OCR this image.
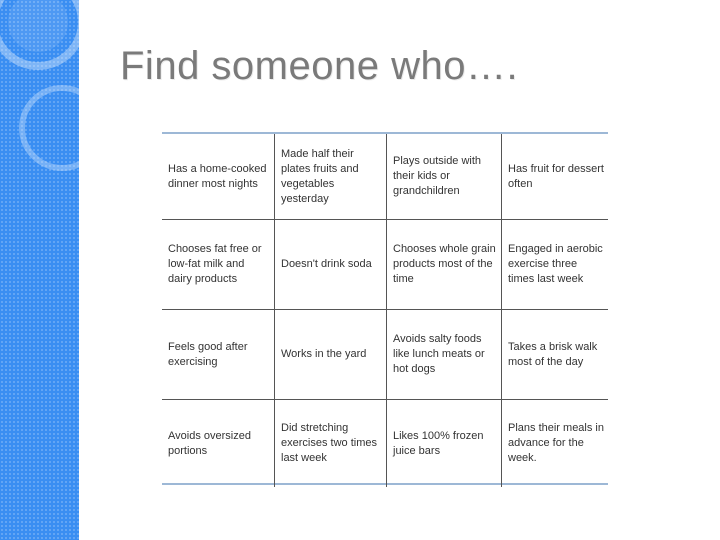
Find someone who….
Has a home-cooked dinner most nights
Made half their plates fruits and vegetables yesterday
Plays outside with their kids or grandchildren
Has fruit for dessert often
Chooses fat free or low-fat milk and dairy products
Doesn't drink soda
Chooses whole grain products most of the time
Engaged in aerobic exercise three times last week
Feels good after exercising
Works in the yard
Avoids salty foods like lunch meats or hot dogs
Takes a brisk walk most of the day
Avoids oversized portions
Did stretching exercises two times last week
Likes 100% frozen juice bars
Plans their meals in advance for the week.
